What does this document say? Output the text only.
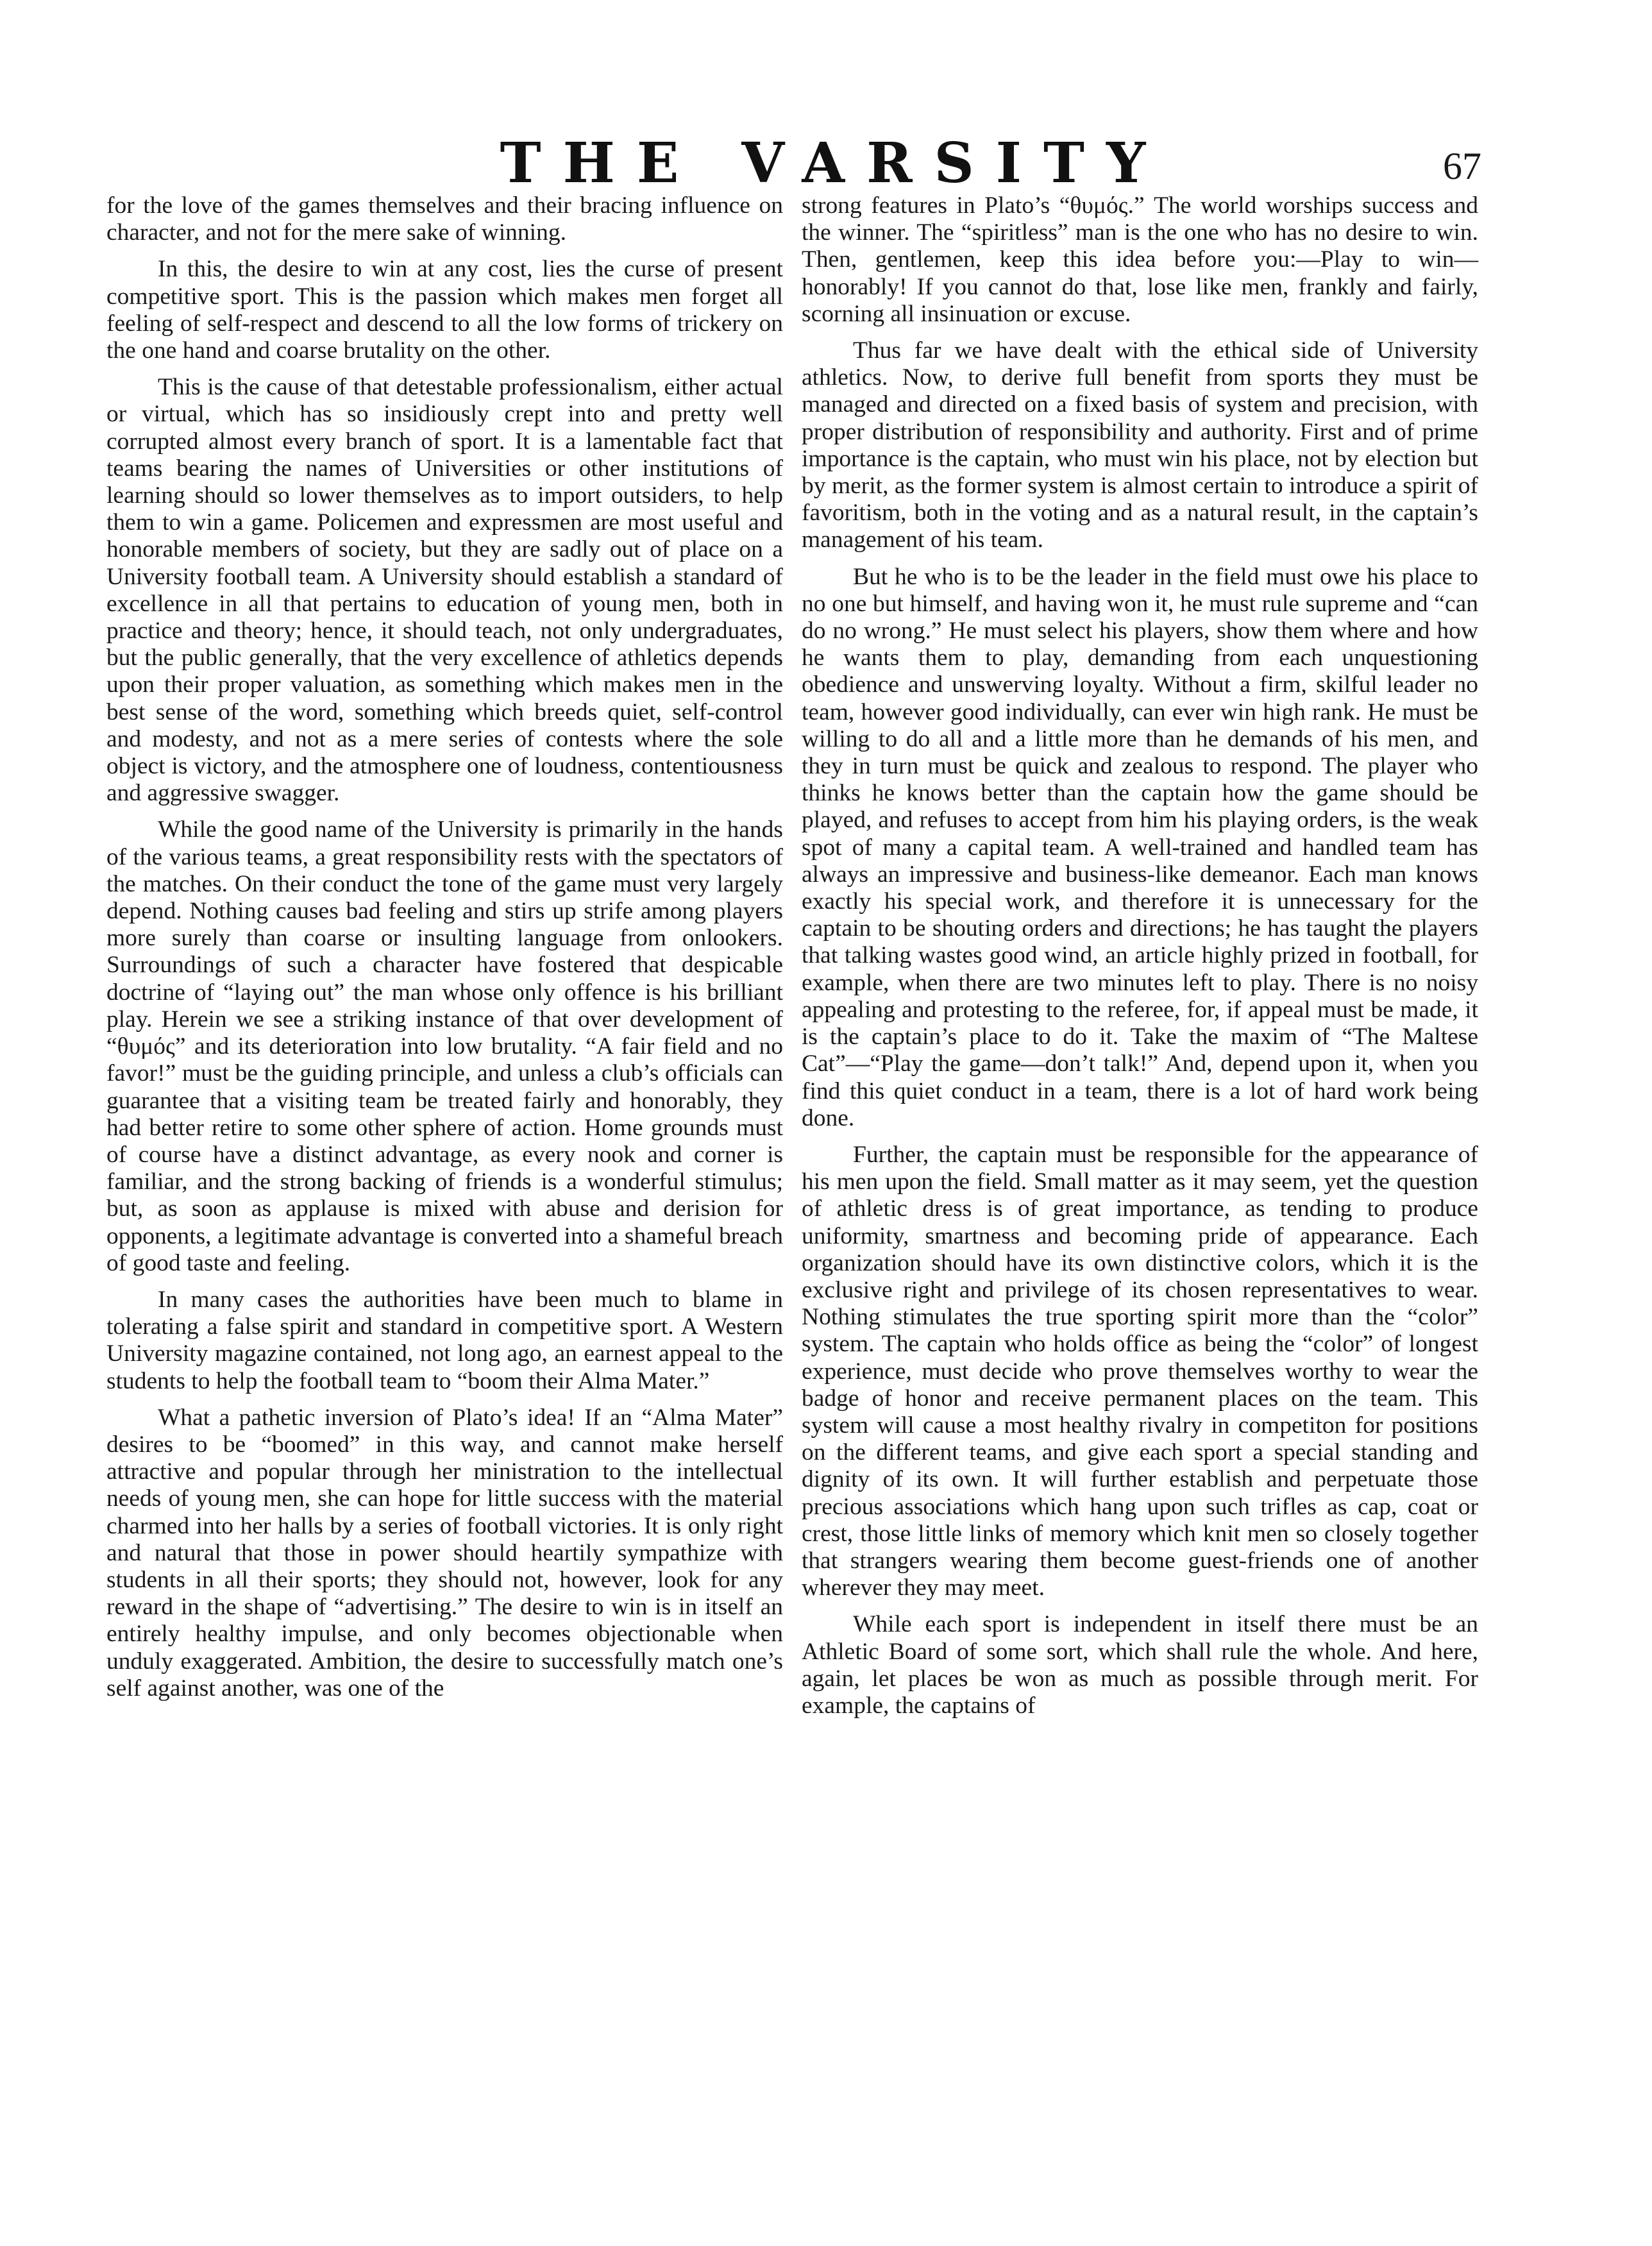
THE VARSITY	67

for the love of the games themselves and their bracing influence on character, and not for the mere sake of winning.

In this, the desire to win at any cost, lies the curse of present competitive sport. This is the passion which makes men forget all feeling of self-respect and descend to all the low forms of trickery on the one hand and coarse brutality on the other.

This is the cause of that detestable professionalism, either actual or virtual, which has so insidiously crept into and pretty well corrupted almost every branch of sport. It is a lamentable fact that teams bearing the names of Universities or other institutions of learning should so lower themselves as to import outsiders, to help them to win a game. Policemen and expressmen are most useful and honorable members of society, but they are sadly out of place on a University football team. A University should establish a standard of excellence in all that pertains to education of young men, both in practice and theory; hence, it should teach, not only undergraduates, but the public generally, that the very excellence of athletics depends upon their proper valuation, as something which makes men in the best sense of the word, something which breeds quiet, self-control and modesty, and not as a mere series of contests where the sole object is victory, and the atmosphere one of loudness, contentiousness and aggressive swagger.

While the good name of the University is primarily in the hands of the various teams, a great responsibility rests with the spectators of the matches. On their conduct the tone of the game must very largely depend. Nothing causes bad feeling and stirs up strife among players more surely than coarse or insulting language from onlookers. Surroundings of such a character have fostered that despicable doctrine of “laying out” the man whose only offence is his brilliant play. Herein we see a striking instance of that over development of “θυμός” and its deterioration into low brutality. “A fair field and no favor!” must be the guiding principle, and unless a club’s officials can guarantee that a visiting team be treated fairly and honorably, they had better retire to some other sphere of action. Home grounds must of course have a distinct advantage, as every nook and corner is familiar, and the strong backing of friends is a wonderful stimulus; but, as soon as applause is mixed with abuse and derision for opponents, a legitimate advantage is converted into a shameful breach of good taste and feeling.

In many cases the authorities have been much to blame in tolerating a false spirit and standard in competitive sport. A Western University magazine contained, not long ago, an earnest appeal to the students to help the football team to “boom their Alma Mater.”

What a pathetic inversion of Plato’s idea! If an “Alma Mater” desires to be “boomed” in this way, and cannot make herself attractive and popular through her ministration to the intellectual needs of young men, she can hope for little success with the material charmed into her halls by a series of football victories. It is only right and natural that those in power should heartily sympathize with students in all their sports; they should not, however, look for any reward in the shape of “advertising.” The desire to win is in itself an entirely healthy impulse, and only becomes objectionable when unduly exaggerated. Ambition, the desire to successfully match one’s self against another, was one of the

strong features in Plato’s “θυμός.” The world worships success and the winner. The “spiritless” man is the one who has no desire to win. Then, gentlemen, keep this idea before you:—Play to win—honorably! If you cannot do that, lose like men, frankly and fairly, scorning all insinuation or excuse.

Thus far we have dealt with the ethical side of University athletics. Now, to derive full benefit from sports they must be managed and directed on a fixed basis of system and precision, with proper distribution of responsibility and authority. First and of prime importance is the captain, who must win his place, not by election but by merit, as the former system is almost certain to introduce a spirit of favoritism, both in the voting and as a natural result, in the captain’s management of his team.

But he who is to be the leader in the field must owe his place to no one but himself, and having won it, he must rule supreme and “can do no wrong.” He must select his players, show them where and how he wants them to play, demanding from each unquestioning obedience and unswerving loyalty. Without a firm, skilful leader no team, however good individually, can ever win high rank. He must be willing to do all and a little more than he demands of his men, and they in turn must be quick and zealous to respond. The player who thinks he knows better than the captain how the game should be played, and refuses to accept from him his playing orders, is the weak spot of many a capital team. A well-trained and handled team has always an impressive and business-like demeanor. Each man knows exactly his special work, and therefore it is unnecessary for the captain to be shouting orders and directions; he has taught the players that talking wastes good wind, an article highly prized in football, for example, when there are two minutes left to play. There is no noisy appealing and protesting to the referee, for, if appeal must be made, it is the captain’s place to do it. Take the maxim of “The Maltese Cat”—“Play the game—don’t talk!” And, depend upon it, when you find this quiet conduct in a team, there is a lot of hard work being done.

Further, the captain must be responsible for the appearance of his men upon the field. Small matter as it may seem, yet the question of athletic dress is of great importance, as tending to produce uniformity, smartness and becoming pride of appearance. Each organization should have its own distinctive colors, which it is the exclusive right and privilege of its chosen representatives to wear. Nothing stimulates the true sporting spirit more than the “color” system. The captain who holds office as being the “color” of longest experience, must decide who prove themselves worthy to wear the badge of honor and receive permanent places on the team. This system will cause a most healthy rivalry in competiton for positions on the different teams, and give each sport a special standing and dignity of its own. It will further establish and perpetuate those precious associations which hang upon such trifles as cap, coat or crest, those little links of memory which knit men so closely together that strangers wearing them become guest-friends one of another wherever they may meet.

While each sport is independent in itself there must be an Athletic Board of some sort, which shall rule the whole. And here, again, let places be won as much as possible through merit. For example, the captains of
